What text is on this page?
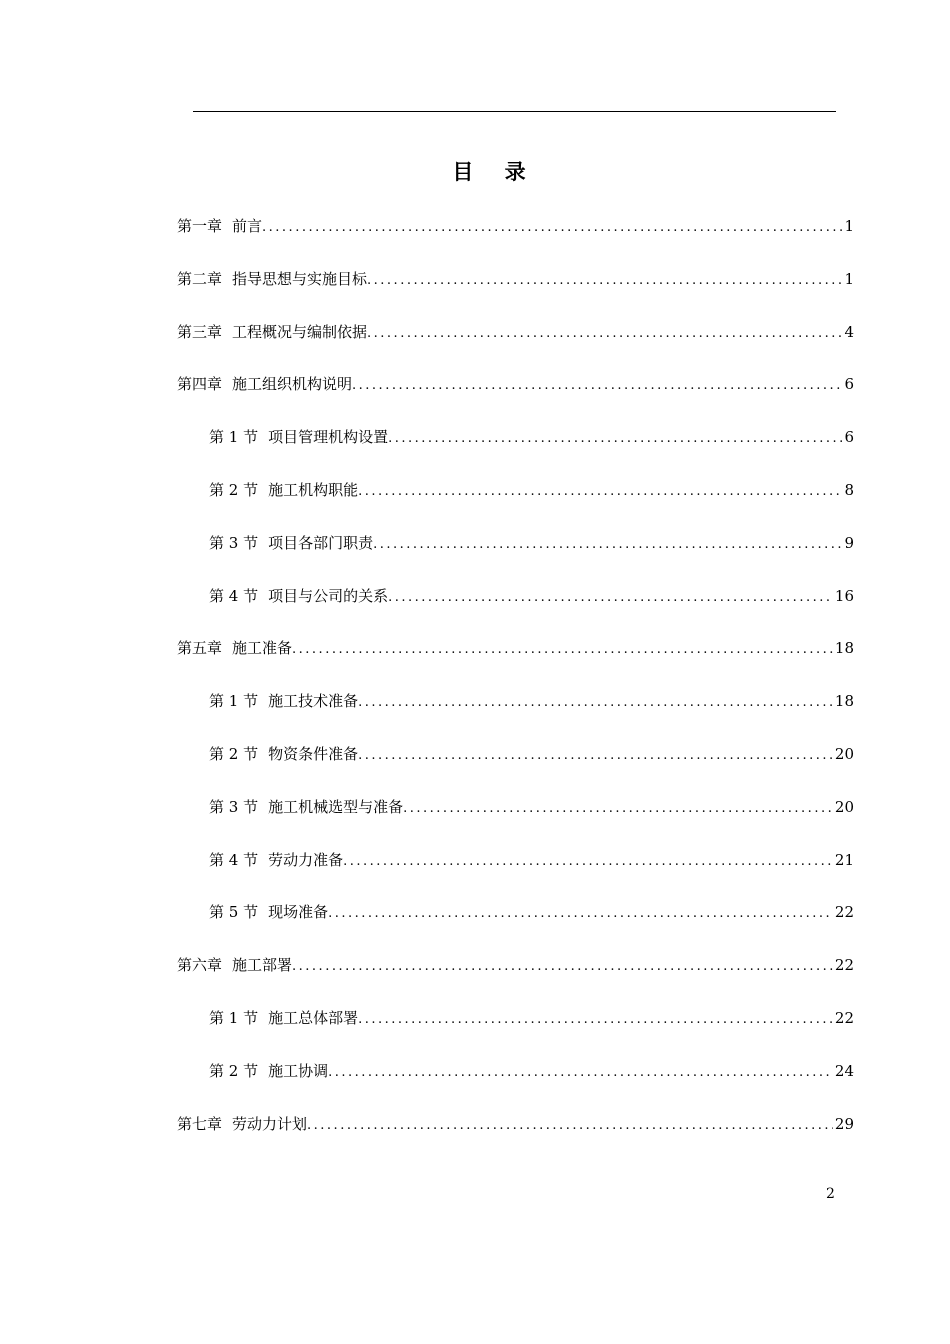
目 录
第一章 前言 .....	1
第二章 指导思想与实施目标 .....	1
第三章 工程概况与编制依据 .....	4
第四章 施工组织机构说明 .....	6
第 1 节 项目管理机构设置 .....	6
第 2 节 施工机构职能 .....	8
第 3 节 项目各部门职责 .....	9
第 4 节 项目与公司的关系 .....	16
第五章 施工准备 .....	18
第 1 节 施工技术准备 .....	18
第 2 节 物资条件准备 .....	20
第 3 节 施工机械选型与准备 .....	20
第 4 节 劳动力准备 .....	21
第 5 节 现场准备 .....	22
第六章 施工部署 .....	22
第 1 节 施工总体部署 .....	22
第 2 节 施工协调 .....	24
第七章 劳动力计划 .....	29
2
